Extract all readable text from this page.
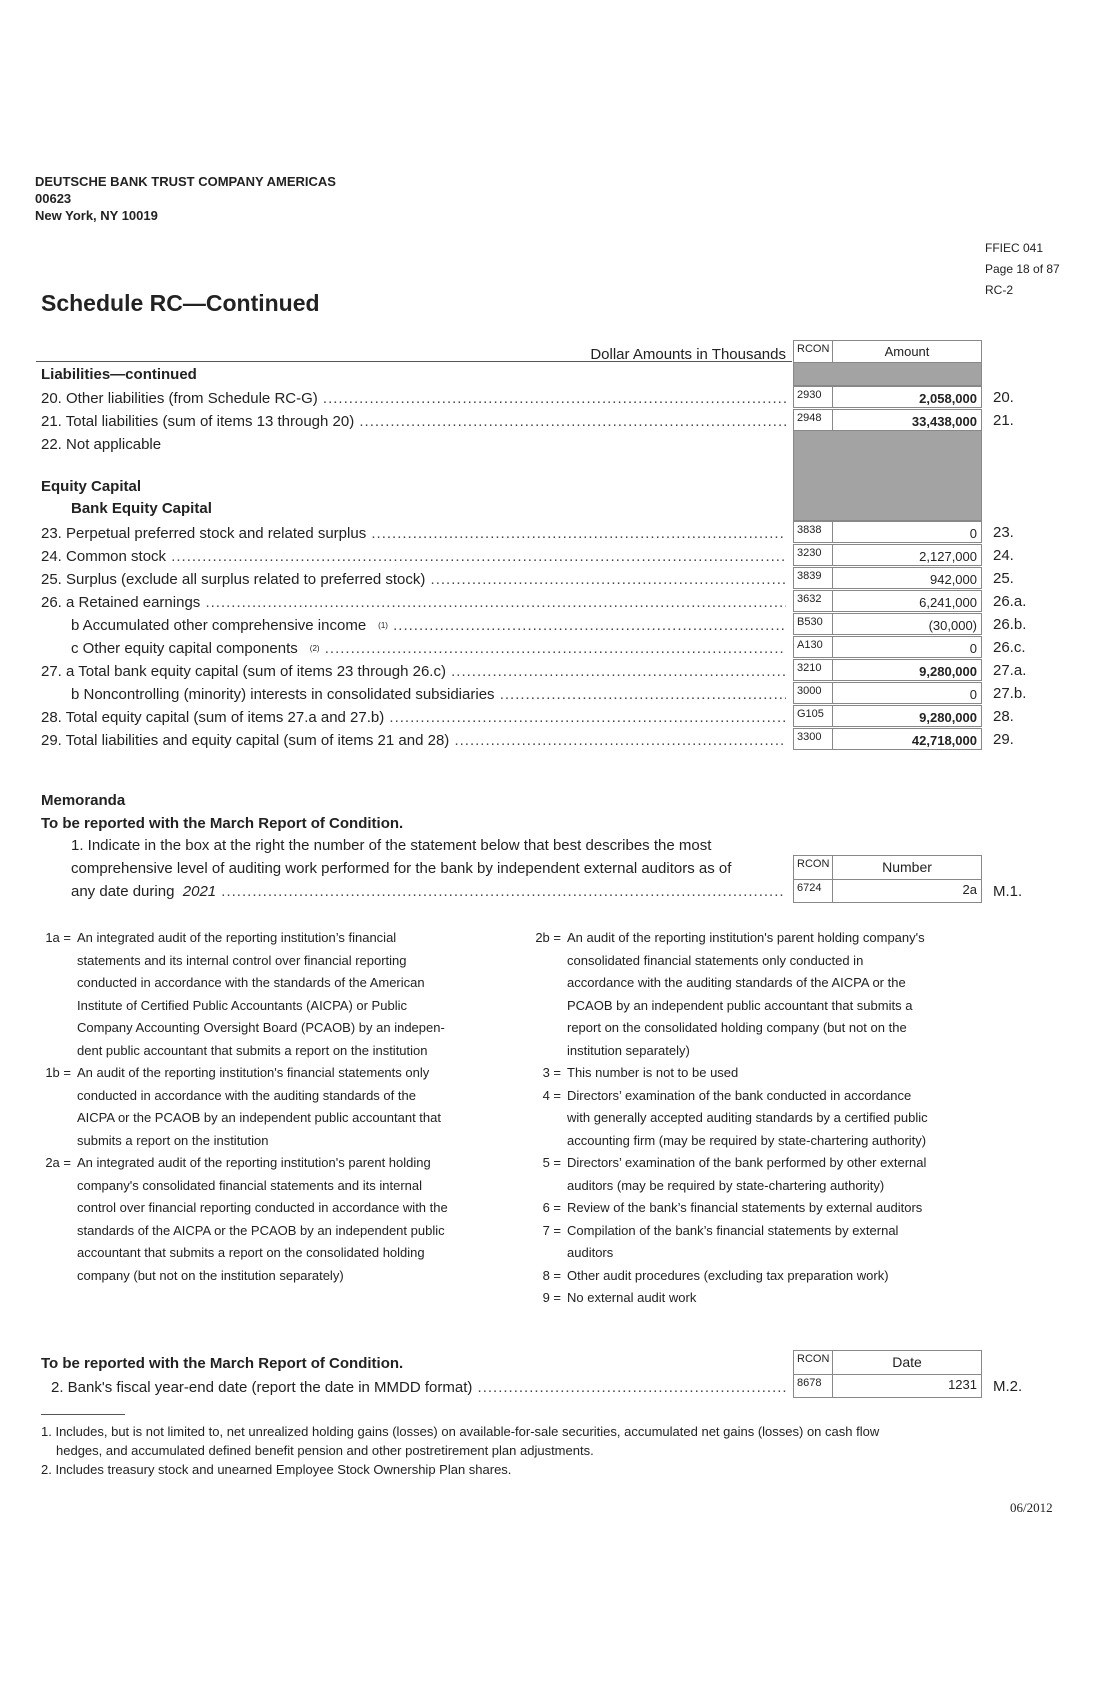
DEUTSCHE BANK TRUST COMPANY AMERICAS
00623
New York, NY 10019
FFIEC 041
Page 18 of 87
RC-2
Schedule RC—Continued
Dollar Amounts in Thousands	RCON	Amount
Liabilities—continued
Equity Capital
Bank Equity Capital
20. Other liabilities (from Schedule RC-G) .....	2930	2,058,000	20.
21. Total liabilities (sum of items 13 through 20) .....	2948	33,438,000	21.
22. Not applicable
23. Perpetual preferred stock and related surplus .....	3838	0	23.
24. Common stock .....	3230	2,127,000	24.
25. Surplus (exclude all surplus related to preferred stock) .....	3839	942,000	25.
26. a Retained earnings .....	3632	6,241,000	26.a.
b Accumulated other comprehensive income (1) .....	B530	(30,000)	26.b.
c Other equity capital components (2) .....	A130	0	26.c.
27. a Total bank equity capital (sum of items 23 through 26.c) .....	3210	9,280,000	27.a.
b Noncontrolling (minority) interests in consolidated subsidiaries .....	3000	0	27.b.
28. Total equity capital (sum of items 27.a and 27.b) .....	G105	9,280,000	28.
29. Total liabilities and equity capital (sum of items 21 and 28) .....	3300	42,718,000	29.
Memoranda
To be reported with the March Report of Condition.
1. Indicate in the box at the right the number of the statement below that best describes the most
comprehensive level of auditing work performed for the bank by independent external auditors as of
any date during 2021 .....
RCON	Number
6724	2a	M.1.
1a = An integrated audit of the reporting institution’s financial
statements and its internal control over financial reporting
conducted in accordance with the standards of the American
Institute of Certified Public Accountants (AICPA) or Public
Company Accounting Oversight Board (PCAOB) by an indepen-
dent public accountant that submits a report on the institution
1b = An audit of the reporting institution's financial statements only
conducted in accordance with the auditing standards of the
AICPA or the PCAOB by an independent public accountant that
submits a report on the institution
2a = An integrated audit of the reporting institution's parent holding
company's consolidated financial statements and its internal
control over financial reporting conducted in accordance with the
standards of the AICPA or the PCAOB by an independent public
accountant that submits a report on the consolidated holding
company (but not on the institution separately)
2b = An audit of the reporting institution's parent holding company's
consolidated financial statements only conducted in
accordance with the auditing standards of the AICPA or the
PCAOB by an independent public accountant that submits a
report on the consolidated holding company (but not on the
institution separately)
3 = This number is not to be used
4 = Directors’ examination of the bank conducted in accordance
with generally accepted auditing standards by a certified public
accounting firm (may be required by state-chartering authority)
5 = Directors’ examination of the bank performed by other external
auditors (may be required by state-chartering authority)
6 = Review of the bank’s financial statements by external auditors
7 = Compilation of the bank’s financial statements by external
auditors
8 = Other audit procedures (excluding tax preparation work)
9 = No external audit work
To be reported with the March Report of Condition.	RCON	Date
2. Bank's fiscal year-end date (report the date in MMDD format) .....	8678	1231	M.2.
1. Includes, but is not limited to, net unrealized holding gains (losses) on available-for-sale securities, accumulated net gains (losses) on cash flow
hedges, and accumulated defined benefit pension and other postretirement plan adjustments.
2. Includes treasury stock and unearned Employee Stock Ownership Plan shares.
06/2012
